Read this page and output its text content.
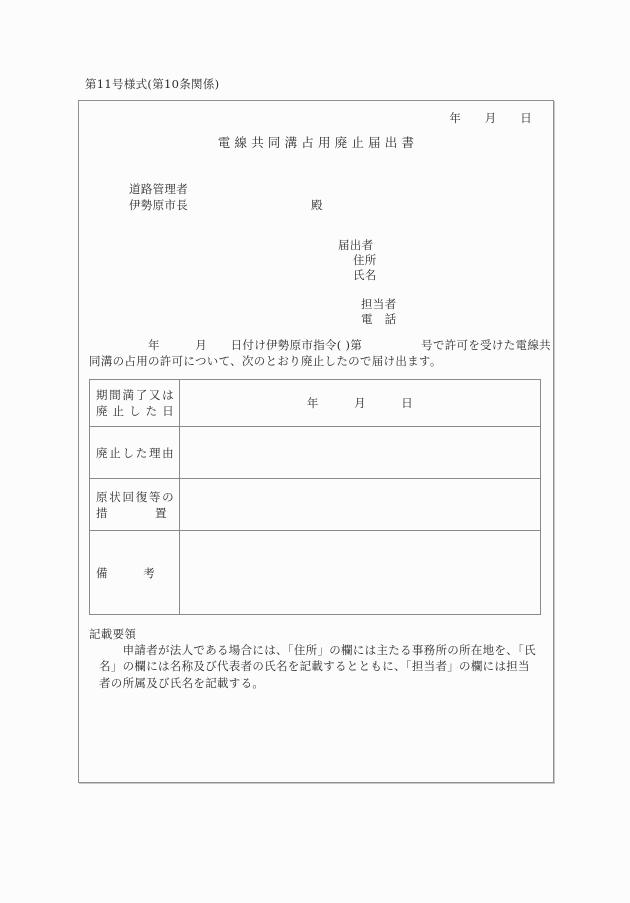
第11号様式(第10条関係)
年　　月　　日
電線共同溝占用廃止届出書
道路管理者
伊勢原市長	殿
届出者
住所
氏名
担当者
電　話
　　　　　年　　　月　　日付け伊勢原市指令( )第　　　　　号で許可を受けた電線共
同溝の占用の許可について、次のとおり廃止したので届け出ます。
期間満了又は
廃止した日
年　　　月　　　日
廃止した理由
原状回復等の
措　　　　置
備　　　考
記載要領
　　申請者が法人である場合には、「住所」の欄には主たる事務所の所在地を、「氏
名」の欄には名称及び代表者の氏名を記載するとともに、「担当者」の欄には担当
者の所属及び氏名を記載する。
